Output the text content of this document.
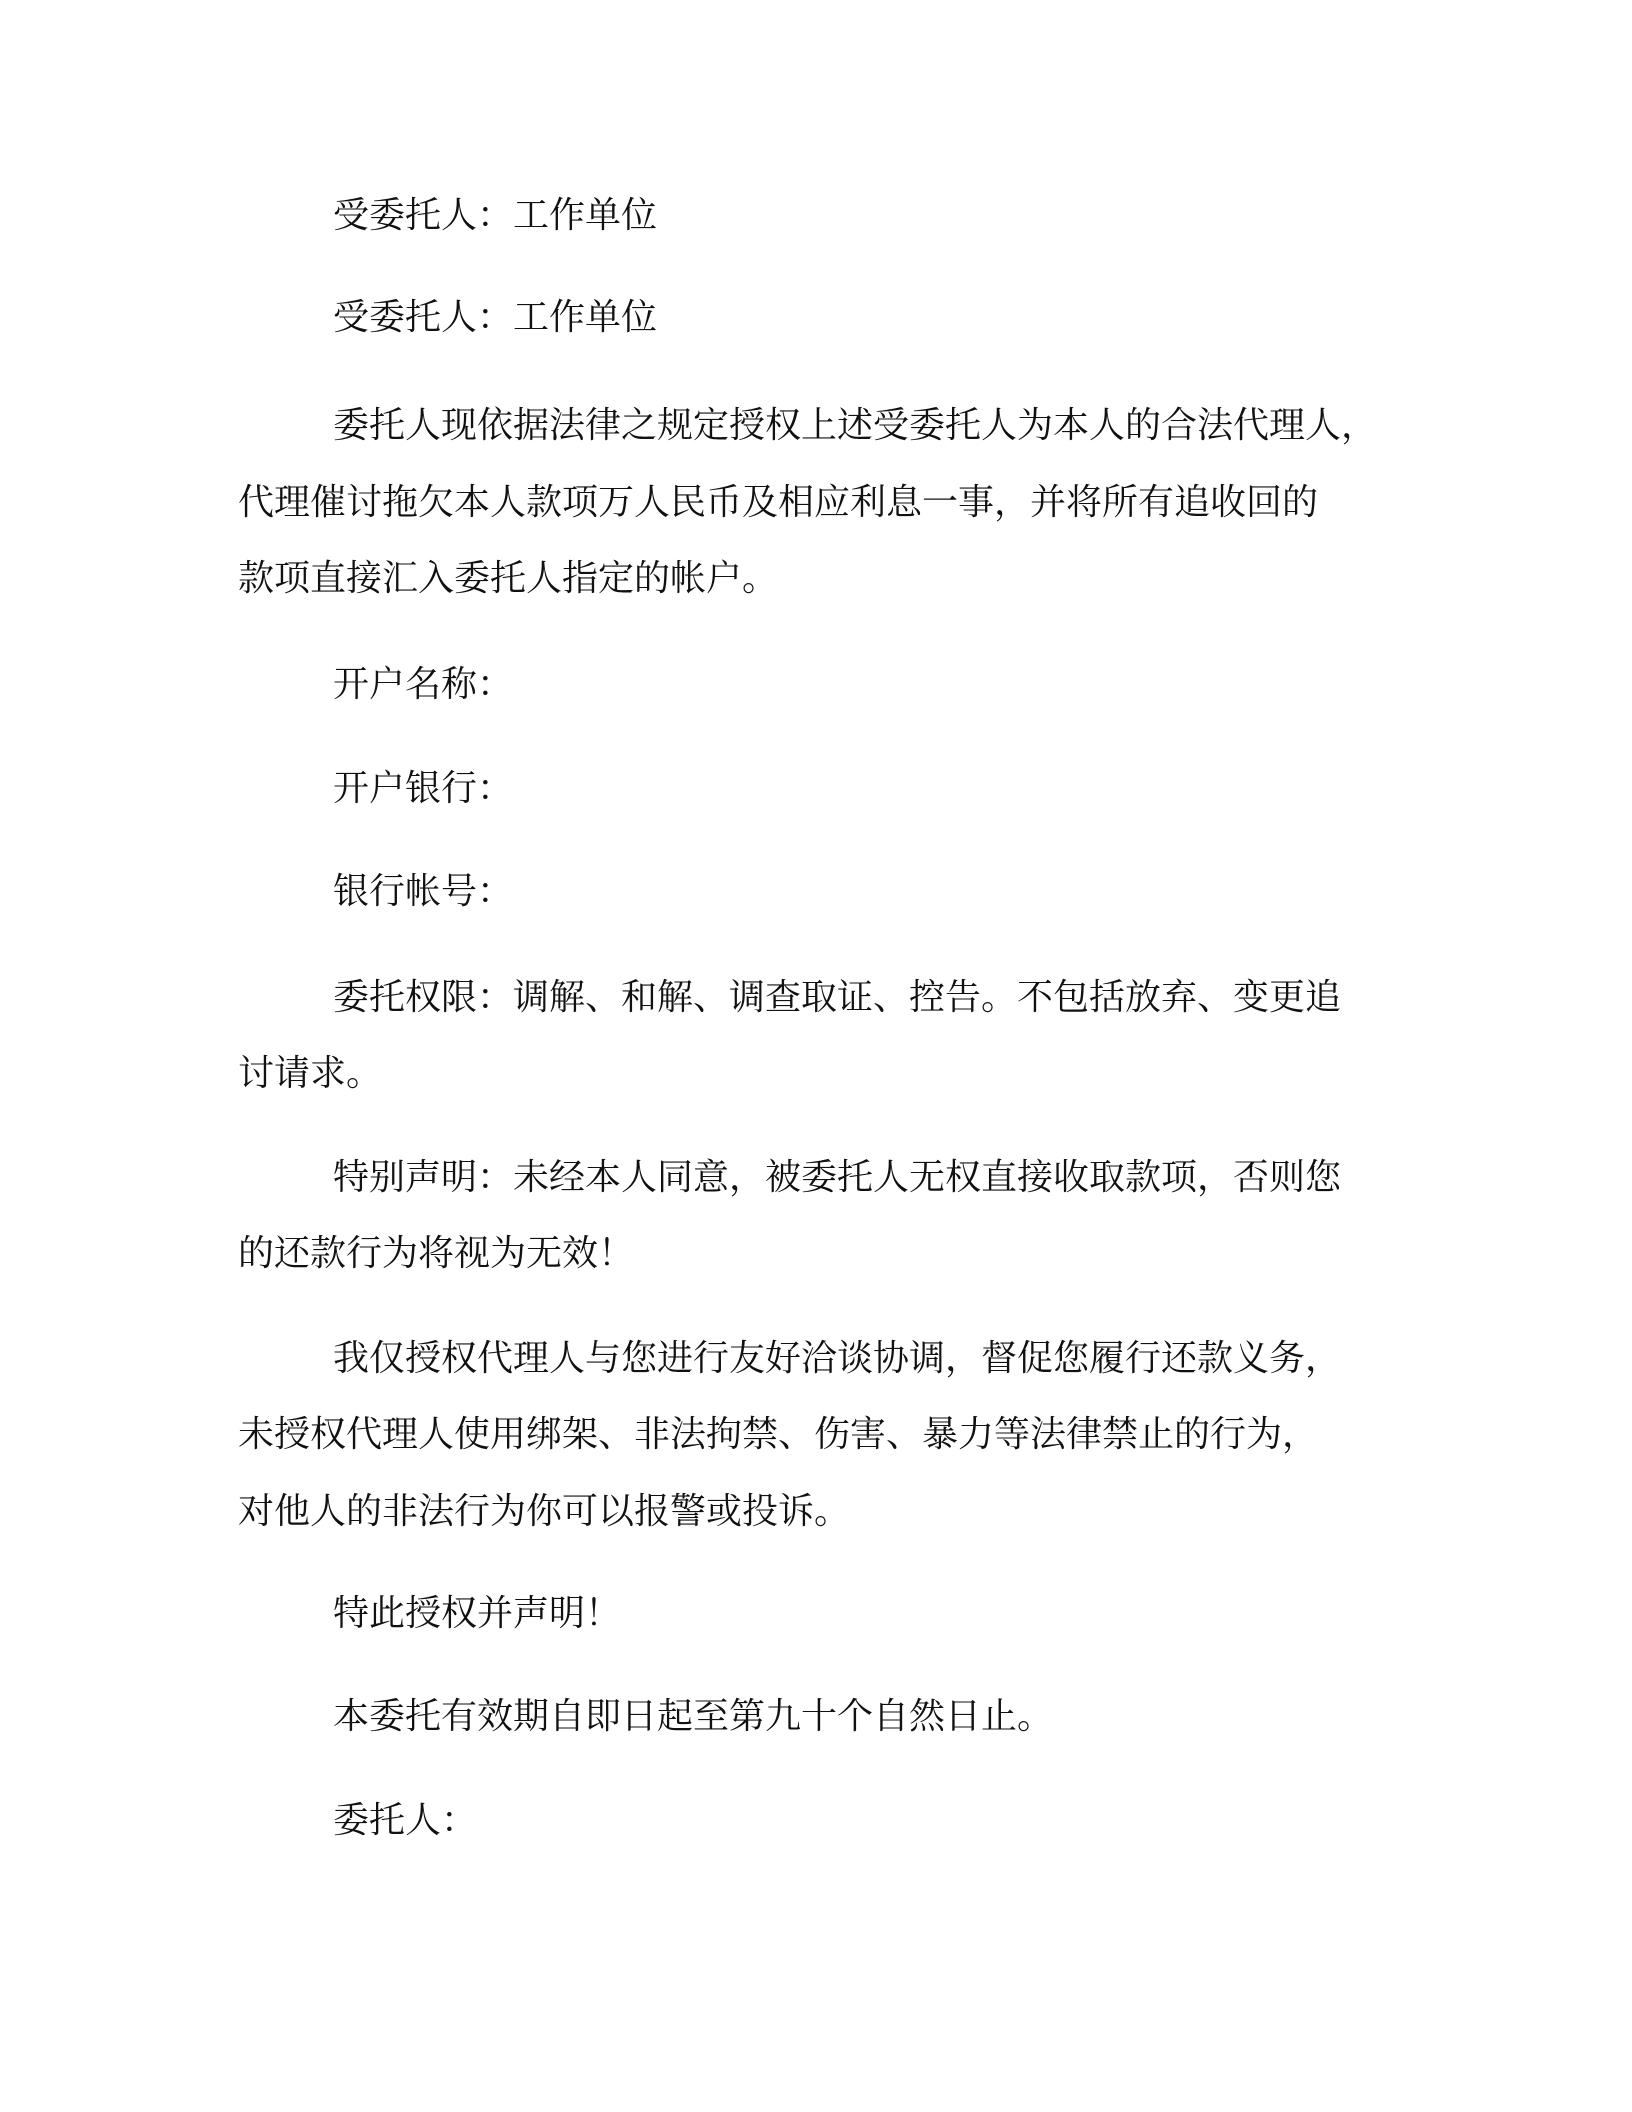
受委托人：工作单位
受委托人：工作单位
委托人现依据法律之规定授权上述受委托人为本人的合法代理人，
代理催讨拖欠本人款项万人民币及相应利息一事，并将所有追收回的
款项直接汇入委托人指定的帐户。
开户名称：
开户银行：
银行帐号：
委托权限：调解、和解、调查取证、控告。不包括放弃、变更追
讨请求。
特别声明：未经本人同意，被委托人无权直接收取款项，否则您
的还款行为将视为无效！
我仅授权代理人与您进行友好洽谈协调，督促您履行还款义务，
未授权代理人使用绑架、非法拘禁、伤害、暴力等法律禁止的行为，
对他人的非法行为你可以报警或投诉。
特此授权并声明！
本委托有效期自即日起至第九十个自然日止。
委托人：
